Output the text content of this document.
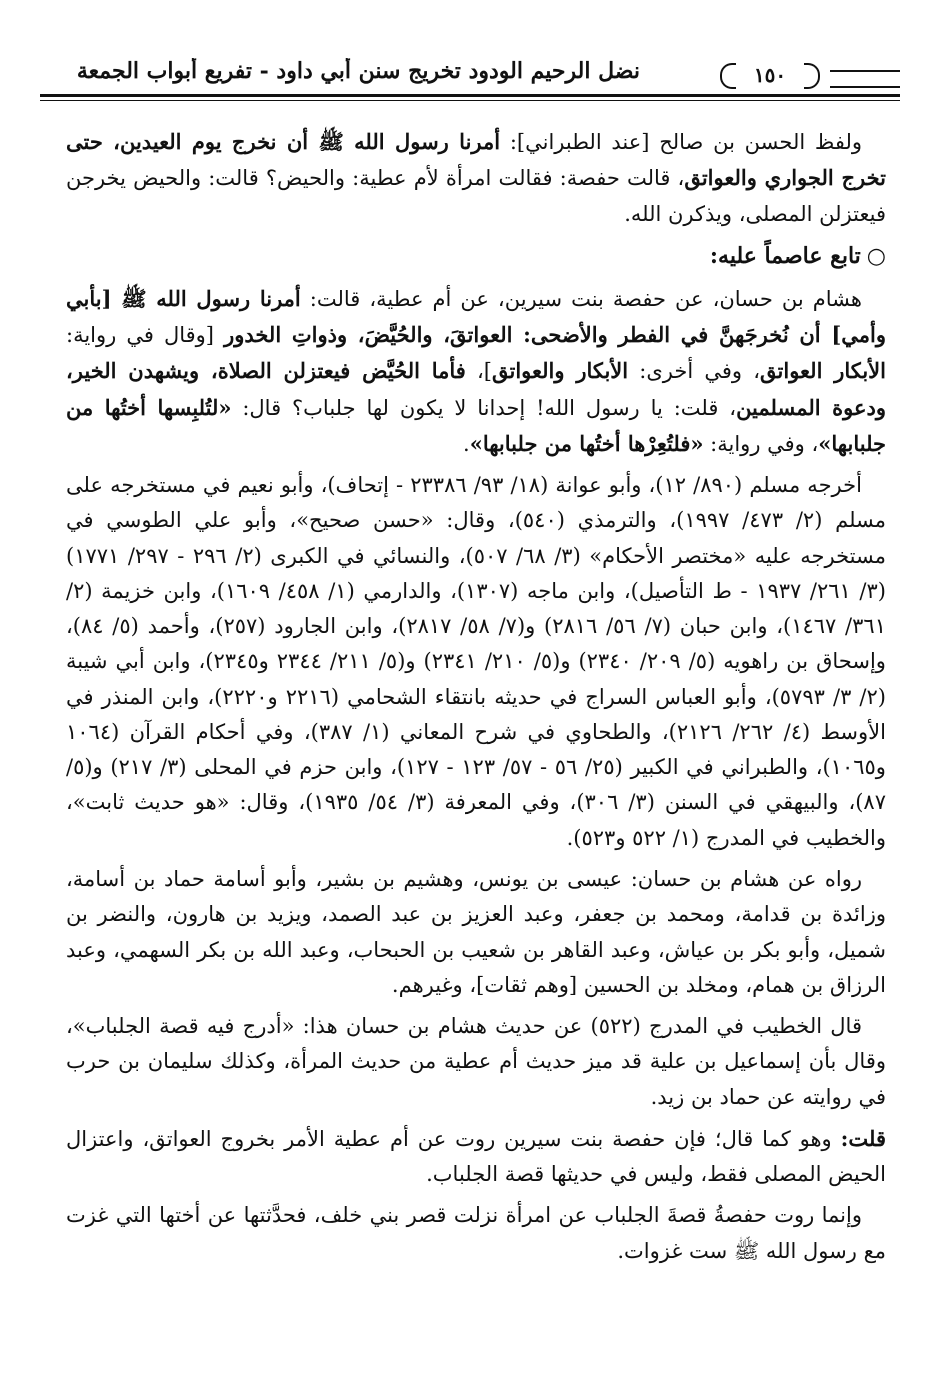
نضل الرحيم الودود تخريج سنن أبي داود - تفريع أبواب الجمعة	١٥٠

ولفظ الحسن بن صالح [عند الطبراني]: أمرنا رسول الله ﷺ أن نخرج يوم العيدين، حتى تخرج الجواري والعواتق، قالت حفصة: فقالت امرأة لأم عطية: والحيض؟ قالت: والحيض يخرجن فيعتزلن المصلى، ويذكرن الله.

○تابع عاصماً عليه:

هشام بن حسان، عن حفصة بنت سيرين، عن أم عطية، قالت: أمرنا رسول الله ﷺ [بأبي وأمي] أن نُخرجَهنَّ في الفطر والأضحى: العواتقَ، والحُيَّضَ، وذواتِ الخدور [وقال في رواية: الأبكار العواتق، وفي أخرى: الأبكار والعواتق]، فأما الحُيَّض فيعتزلن الصلاة، ويشهدن الخير، ودعوة المسلمين، قلت: يا رسول الله! إحدانا لا يكون لها جلباب؟ قال: «لتُلبِسها أختُها من جلبابها»، وفي رواية: «فلتُعِرْها أختُها من جلبابها».

أخرجه مسلم (٨٩٠/ ١٢)، وأبو عوانة (١٨/ ٩٣/ ٢٣٣٨٦ - إتحاف)، وأبو نعيم في مستخرجه على مسلم (٢/ ٤٧٣/ ١٩٩٧)، والترمذي (٥٤٠)، وقال: «حسن صحيح»، وأبو علي الطوسي في مستخرجه عليه «مختصر الأحكام» (٣/ ٦٨/ ٥٠٧)، والنسائي في الكبرى (٢/ ٢٩٦ - ٢٩٧/ ١٧٧١) (٣/ ٢٦١/ ١٩٣٧ - ط التأصيل)، وابن ماجه (١٣٠٧)، والدارمي (١/ ٤٥٨/ ١٦٠٩)، وابن خزيمة (٢/ ٣٦١/ ١٤٦٧)، وابن حبان (٧/ ٥٦/ ٢٨١٦) و(٧/ ٥٨/ ٢٨١٧)، وابن الجارود (٢٥٧)، وأحمد (٥/ ٨٤)، وإسحاق بن راهويه (٥/ ٢٠٩/ ٢٣٤٠) و(٥/ ٢١٠/ ٢٣٤١) و(٥/ ٢١١/ ٢٣٤٤ و٢٣٤٥)، وابن أبي شيبة (٢/ ٣/ ٥٧٩٣)، وأبو العباس السراج في حديثه بانتقاء الشحامي (٢٢١٦ و٢٢٢٠)، وابن المنذر في الأوسط (٤/ ٢٦٢/ ٢١٢٦)، والطحاوي في شرح المعاني (١/ ٣٨٧)، وفي أحكام القرآن (١٠٦٤ و١٠٦٥)، والطبراني في الكبير (٢٥/ ٥٦ - ٥٧/ ١٢٣ - ١٢٧)، وابن حزم في المحلى (٣/ ٢١٧) و(٥/ ٨٧)، والبيهقي في السنن (٣/ ٣٠٦)، وفي المعرفة (٣/ ٥٤/ ١٩٣٥)، وقال: «هو حديث ثابت»، والخطيب في المدرج (١/ ٥٢٢ و٥٢٣).

رواه عن هشام بن حسان: عيسى بن يونس، وهشيم بن بشير، وأبو أسامة حماد بن أسامة، وزائدة بن قدامة، ومحمد بن جعفر، وعبد العزيز بن عبد الصمد، ويزيد بن هارون، والنضر بن شميل، وأبو بكر بن عياش، وعبد القاهر بن شعيب بن الحبحاب، وعبد الله بن بكر السهمي، وعبد الرزاق بن همام، ومخلد بن الحسين [وهم ثقات]، وغيرهم.

قال الخطيب في المدرج (٥٢٢) عن حديث هشام بن حسان هذا: «أدرج فيه قصة الجلباب»، وقال بأن إسماعيل بن علية قد ميز حديث أم عطية من حديث المرأة، وكذلك سليمان بن حرب في روايته عن حماد بن زيد.

قلت: وهو كما قال؛ فإن حفصة بنت سيرين روت عن أم عطية الأمر بخروج العواتق، واعتزال الحيض المصلى فقط، وليس في حديثها قصة الجلباب.

وإنما روت حفصةُ قصةَ الجلباب عن امرأة نزلت قصر بني خلف، فحدَّثتها عن أختها التي غزت مع رسول الله ﷺ ست غزوات.
